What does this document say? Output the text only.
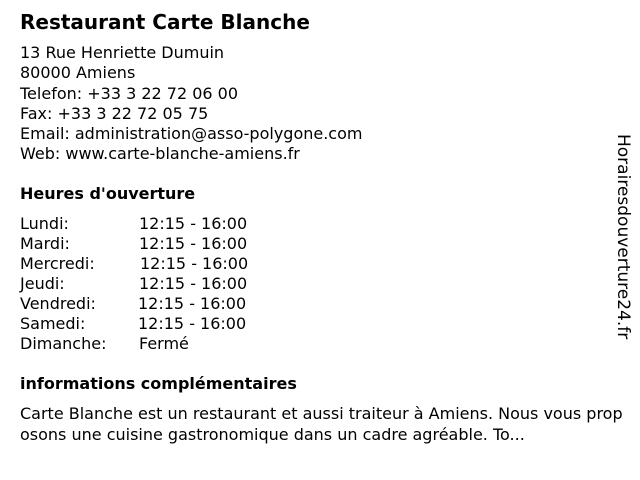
Restaurant Carte Blanche
13 Rue Henriette Dumuin
80000 Amiens
Telefon: +33 3 22 72 06 00
Fax: +33 3 22 72 05 75
Email: administration@asso-polygone.com
Web: www.carte-blanche-amiens.fr
Heures d'ouverture
Lundi:	12:15 - 16:00
Mardi:	12:15 - 16:00
Mercredi:	12:15 - 16:00
Jeudi:	12:15 - 16:00
Vendredi:	12:15 - 16:00
Samedi:	12:15 - 16:00
Dimanche: Fermé
informations complémentaires
Carte Blanche est un restaurant et aussi traiteur à Amiens. Nous vous proposons une cuisine gastronomique dans un cadre agréable. To...
Horairesdouverture24.fr
